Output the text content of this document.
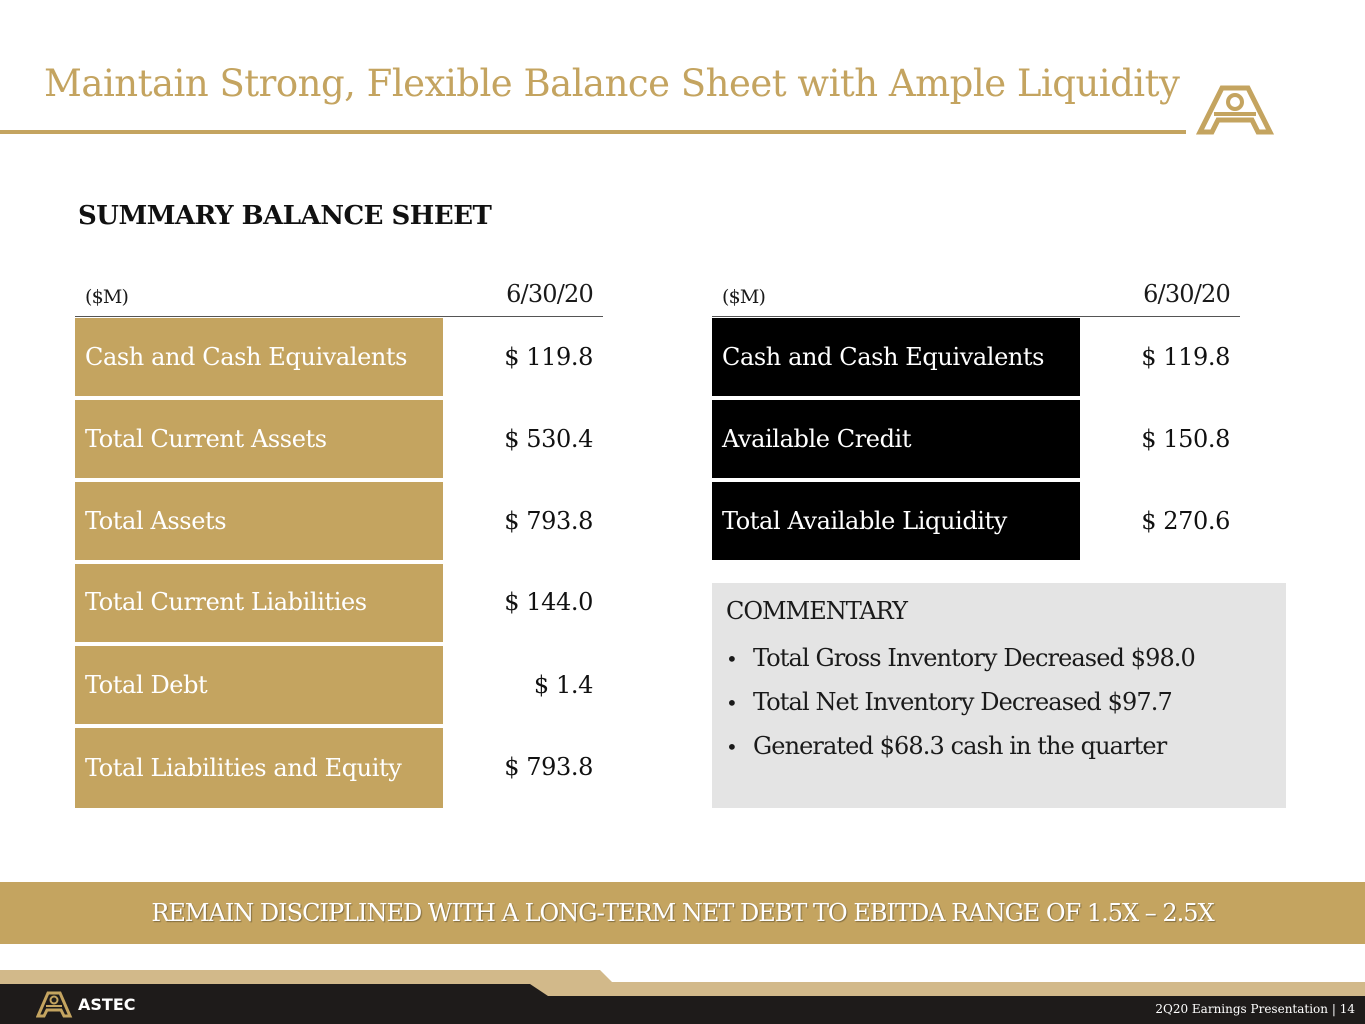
Maintain Strong, Flexible Balance Sheet with Ample Liquidity
SUMMARY BALANCE SHEET
($M)	6/30/20
Cash and Cash Equivalents	$ 119.8
Total Current Assets	$ 530.4
Total Assets	$ 793.8
Total Current Liabilities	$ 144.0
Total Debt	$ 1.4
Total Liabilities and Equity	$ 793.8
($M)	6/30/20
Cash and Cash Equivalents	$ 119.8
Available Credit	$ 150.8
Total Available Liquidity	$ 270.6
COMMENTARY
• Total Gross Inventory Decreased $98.0
• Total Net Inventory Decreased $97.7
• Generated $68.3 cash in the quarter
REMAIN DISCIPLINED WITH A LONG-TERM NET DEBT TO EBITDA RANGE OF 1.5X – 2.5X
ASTEC	2Q20 Earnings Presentation | 14
